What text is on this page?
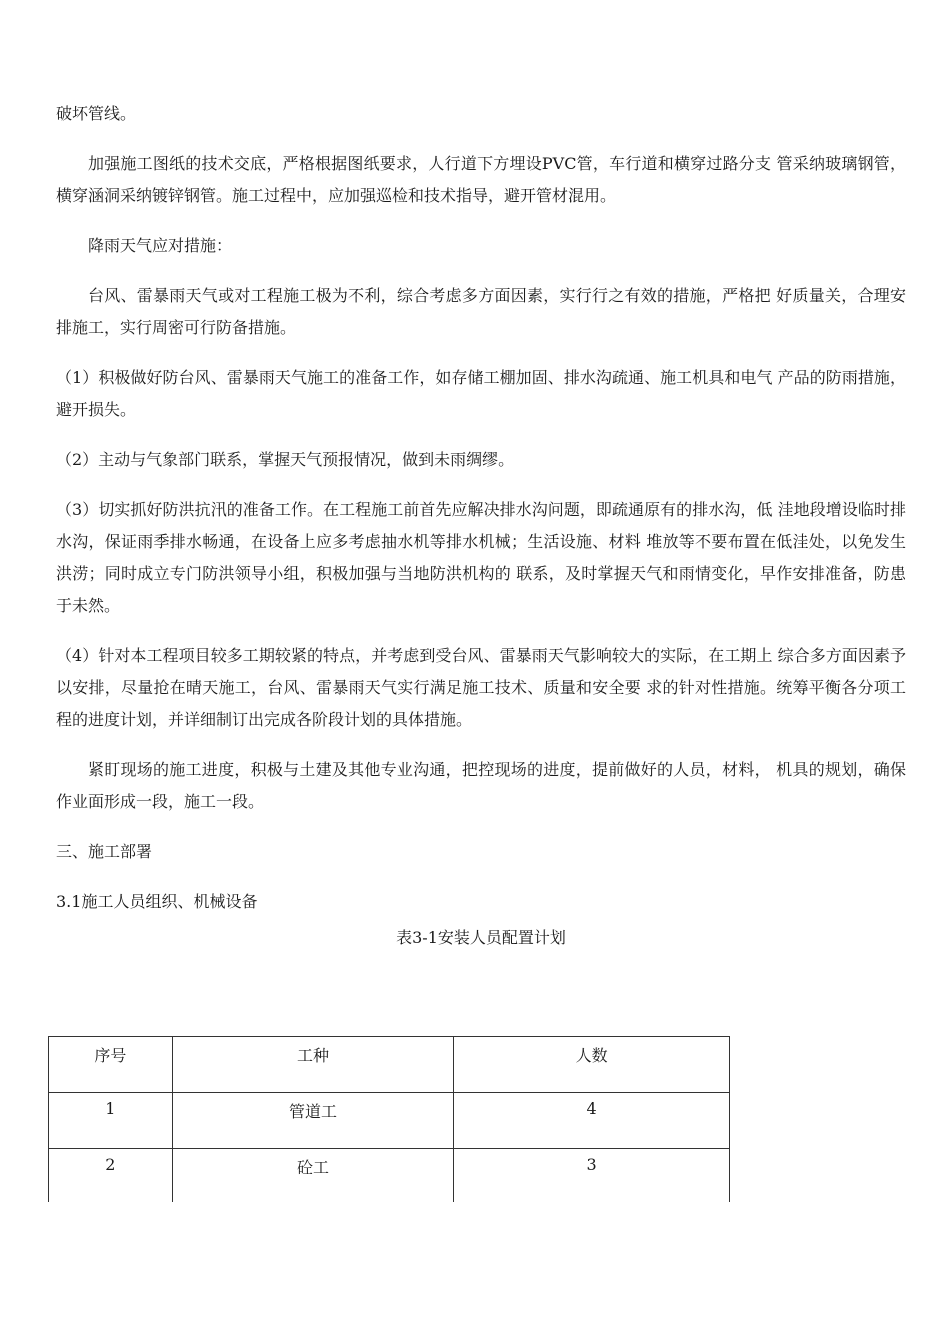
破坏管线。

加强施工图纸的技术交底，严格根据图纸要求，人行道下方埋设PVC管，车行道和横穿过路分支 管采纳玻璃钢管，横穿涵洞采纳镀锌钢管。施工过程中，应加强巡检和技术指导，避开管材混用。

降雨天气应对措施：

台风、雷暴雨天气或对工程施工极为不利，综合考虑多方面因素，实行行之有效的措施，严格把 好质量关，合理安排施工，实行周密可行防备措施。

（1）积极做好防台风、雷暴雨天气施工的准备工作，如存储工棚加固、排水沟疏通、施工机具和电气 产品的防雨措施，避开损失。

（2）主动与气象部门联系，掌握天气预报情况，做到未雨绸缪。

（3）切实抓好防洪抗汛的准备工作。在工程施工前首先应解决排水沟问题，即疏通原有的排水沟，低 洼地段增设临时排水沟，保证雨季排水畅通，在设备上应多考虑抽水机等排水机械；生活设施、材料 堆放等不要布置在低洼处，以免发生洪涝；同时成立专门防洪领导小组，积极加强与当地防洪机构的 联系，及时掌握天气和雨情变化，早作安排准备，防患于未然。

（4）针对本工程项目较多工期较紧的特点，并考虑到受台风、雷暴雨天气影响较大的实际，在工期上 综合多方面因素予以安排，尽量抢在晴天施工，台风、雷暴雨天气实行满足施工技术、质量和安全要 求的针对性措施。统筹平衡各分项工程的进度计划，并详细制订出完成各阶段计划的具体措施。

紧盯现场的施工进度，积极与土建及其他专业沟通，把控现场的进度，提前做好的人员，材料， 机具的规划，确保作业面形成一段，施工一段。

三、施工部署

3.1施工人员组织、机械设备

表3-1安装人员配置计划
序号	工种	人数
1	管道工	4
2	砼工	3
